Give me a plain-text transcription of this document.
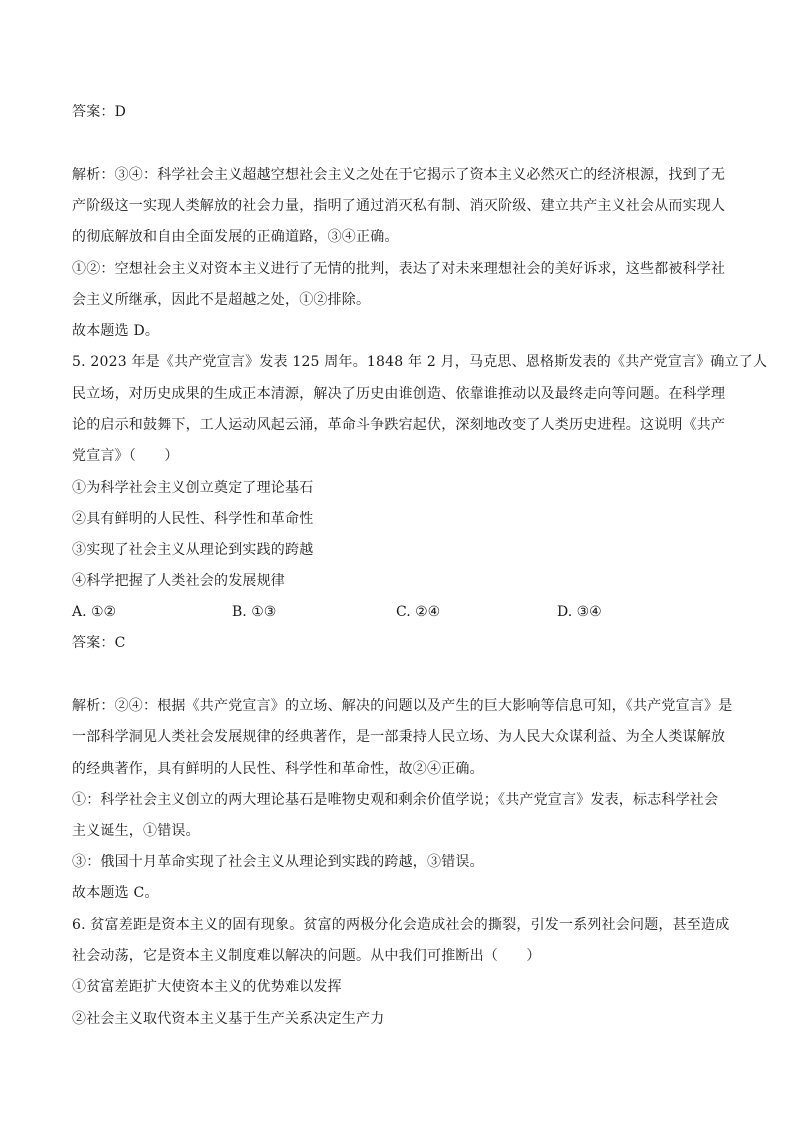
答案：D
解析：③④：科学社会主义超越空想社会主义之处在于它揭示了资本主义必然灭亡的经济根源，找到了无
产阶级这一实现人类解放的社会力量，指明了通过消灭私有制、消灭阶级、建立共产主义社会从而实现人
的彻底解放和自由全面发展的正确道路，③④正确。
①②：空想社会主义对资本主义进行了无情的批判，表达了对未来理想社会的美好诉求，这些都被科学社
会主义所继承，因此不是超越之处，①②排除。
故本题选 D。
5. 2023 年是《共产党宣言》发表 125 周年。1848 年 2 月，马克思、恩格斯发表的《共产党宣言》确立了人
民立场，对历史成果的生成正本清源，解决了历史由谁创造、依靠谁推动以及最终走向等问题。在科学理
论的启示和鼓舞下，工人运动风起云涌，革命斗争跌宕起伏，深刻地改变了人类历史进程。这说明《共产
党宣言》（　　）
①为科学社会主义创立奠定了理论基石
②具有鲜明的人民性、科学性和革命性
③实现了社会主义从理论到实践的跨越
④科学把握了人类社会的发展规律
A. ①②	B. ①③	C. ②④	D. ③④
答案：C
解析：②④：根据《共产党宣言》的立场、解决的问题以及产生的巨大影响等信息可知，《共产党宣言》是
一部科学洞见人类社会发展规律的经典著作，是一部秉持人民立场、为人民大众谋利益、为全人类谋解放
的经典著作，具有鲜明的人民性、科学性和革命性，故②④正确。
①：科学社会主义创立的两大理论基石是唯物史观和剩余价值学说；《共产党宣言》发表，标志科学社会
主义诞生，①错误。
③：俄国十月革命实现了社会主义从理论到实践的跨越，③错误。
故本题选 C。
6. 贫富差距是资本主义的固有现象。贫富的两极分化会造成社会的撕裂，引发一系列社会问题，甚至造成
社会动荡，它是资本主义制度难以解决的问题。从中我们可推断出（　　）
①贫富差距扩大使资本主义的优势难以发挥
②社会主义取代资本主义基于生产关系决定生产力
